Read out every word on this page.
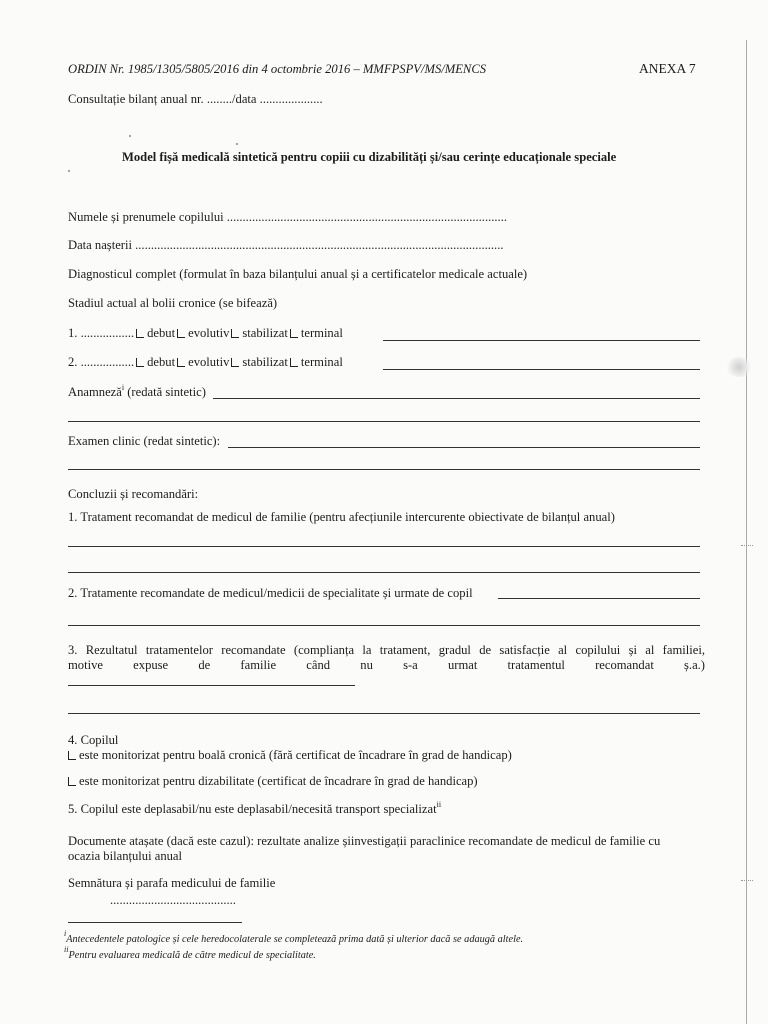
ORDIN Nr. 1985/1305/5805/2016 din 4 octombrie 2016 – MMFPSPV/MS/MENCS	ANEXA 7
Consultație bilanț anual nr. ......../data ....................
Model fișă medicală sintetică pentru copiii cu dizabilități și/sau cerințe educaționale speciale
Numele și prenumele copilului .........................................................................................
Data nașterii .....................................................................................................................
Diagnosticul complet (formulat în baza bilanțului anual și a certificatelor medicale actuale)
Stadiul actual al bolii cronice (se bifează)
1. ................. debut evolutiv stabilizat terminal
2. ................. debut evolutiv stabilizat terminal
Anamneză$^i$ (redată sintetic)
Examen clinic (redat sintetic):
Concluzii și recomandări:
1. Tratament recomandat de medicul de familie (pentru afecțiunile intercurente obiectivate de bilanțul anual)
2. Tratamente recomandate de medicul/medicii de specialitate și urmate de copil
3. Rezultatul tratamentelor recomandate (complianța la tratament, gradul de satisfacție al copilului și al familiei,
motive expuse de familie când nu s-a urmat tratamentul recomandat ș.a.)
4. Copilul
este monitorizat pentru boală cronică (fără certificat de încadrare în grad de handicap)
este monitorizat pentru dizabilitate (certificat de încadrare în grad de handicap)
5. Copilul este deplasabil/nu este deplasabil/necesită transport specializat$^{ii}$
Documente atașate (dacă este cazul): rezultate analize șiinvestigații paraclinice recomandate de medicul de familie cu
ocazia bilanțului anual
Semnătura și parafa medicului de familie
........................................
$^i$Antecedentele patologice și cele heredocolaterale se completează prima dată și ulterior dacă se adaugă altele.
$^{ii}$Pentru evaluarea medicală de către medicul de specialitate.
